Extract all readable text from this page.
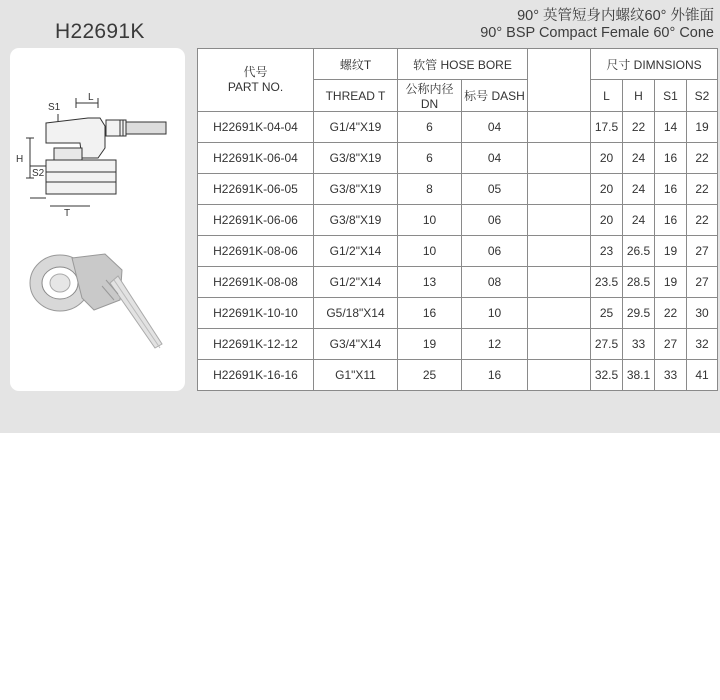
H22691K
90° 英管短身内螺纹60° 外锥面
90° BSP Compact Female 60° Cone
S1
L
H
S2
T
代号
PART NO.	螺纹T	软管 HOSE BORE			尺寸 DIMNSIONS			
	THREAD T	公称内径DN	标号 DASH		L	H	S1	S2
H22691K-04-04	G1/4"X19	6	04		17.5	22	14	19
H22691K-06-04	G3/8"X19	6	04		20	24	16	22
H22691K-06-05	G3/8"X19	8	05		20	24	16	22
H22691K-06-06	G3/8"X19	10	06		20	24	16	22
H22691K-08-06	G1/2"X14	10	06		23	26.5	19	27
H22691K-08-08	G1/2"X14	13	08		23.5	28.5	19	27
H22691K-10-10	G5/18"X14	16	10		25	29.5	22	30
H22691K-12-12	G3/4"X14	19	12		27.5	33	27	32
H22691K-16-16	G1"X11	25	16		32.5	38.1	33	41
